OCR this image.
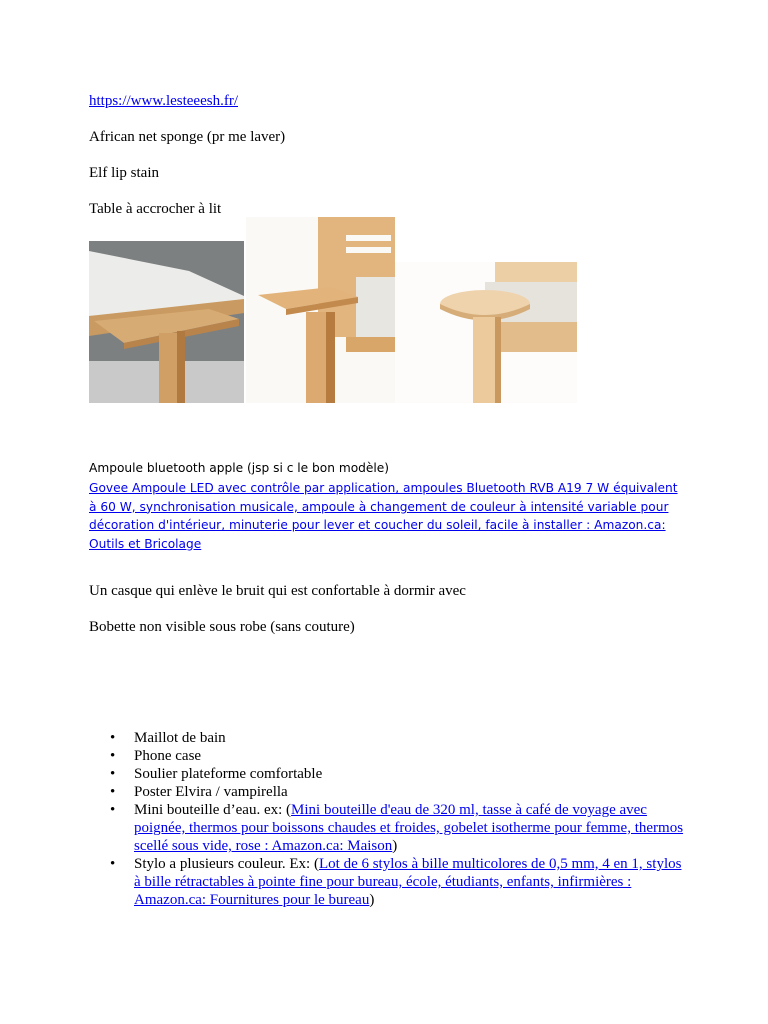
https://www.lesteeesh.fr/

African net sponge (pr me laver)

Elf lip stain

Table à accrocher à lit

Ampoule bluetooth apple (jsp si c le bon modèle)

Govee Ampoule LED avec contrôle par application, ampoules Bluetooth RVB A19 7 W équivalent à 60 W, synchronisation musicale, ampoule à changement de couleur à intensité variable pour décoration d'intérieur, minuterie pour lever et coucher du soleil, facile à installer : Amazon.ca: Outils et Bricolage

Un casque qui enlève le bruit qui est confortable à dormir avec

Bobette non visible sous robe (sans couture)

• Maillot de bain
• Phone case
• Soulier plateforme comfortable
• Poster Elvira / vampirella
• Mini bouteille d’eau. ex: (Mini bouteille d'eau de 320 ml, tasse à café de voyage avec poignée, thermos pour boissons chaudes et froides, gobelet isotherme pour femme, thermos scellé sous vide, rose : Amazon.ca: Maison)
• Stylo a plusieurs couleur. Ex: (Lot de 6 stylos à bille multicolores de 0,5 mm, 4 en 1, stylos à bille rétractables à pointe fine pour bureau, école, étudiants, enfants, infirmières : Amazon.ca: Fournitures pour le bureau)
